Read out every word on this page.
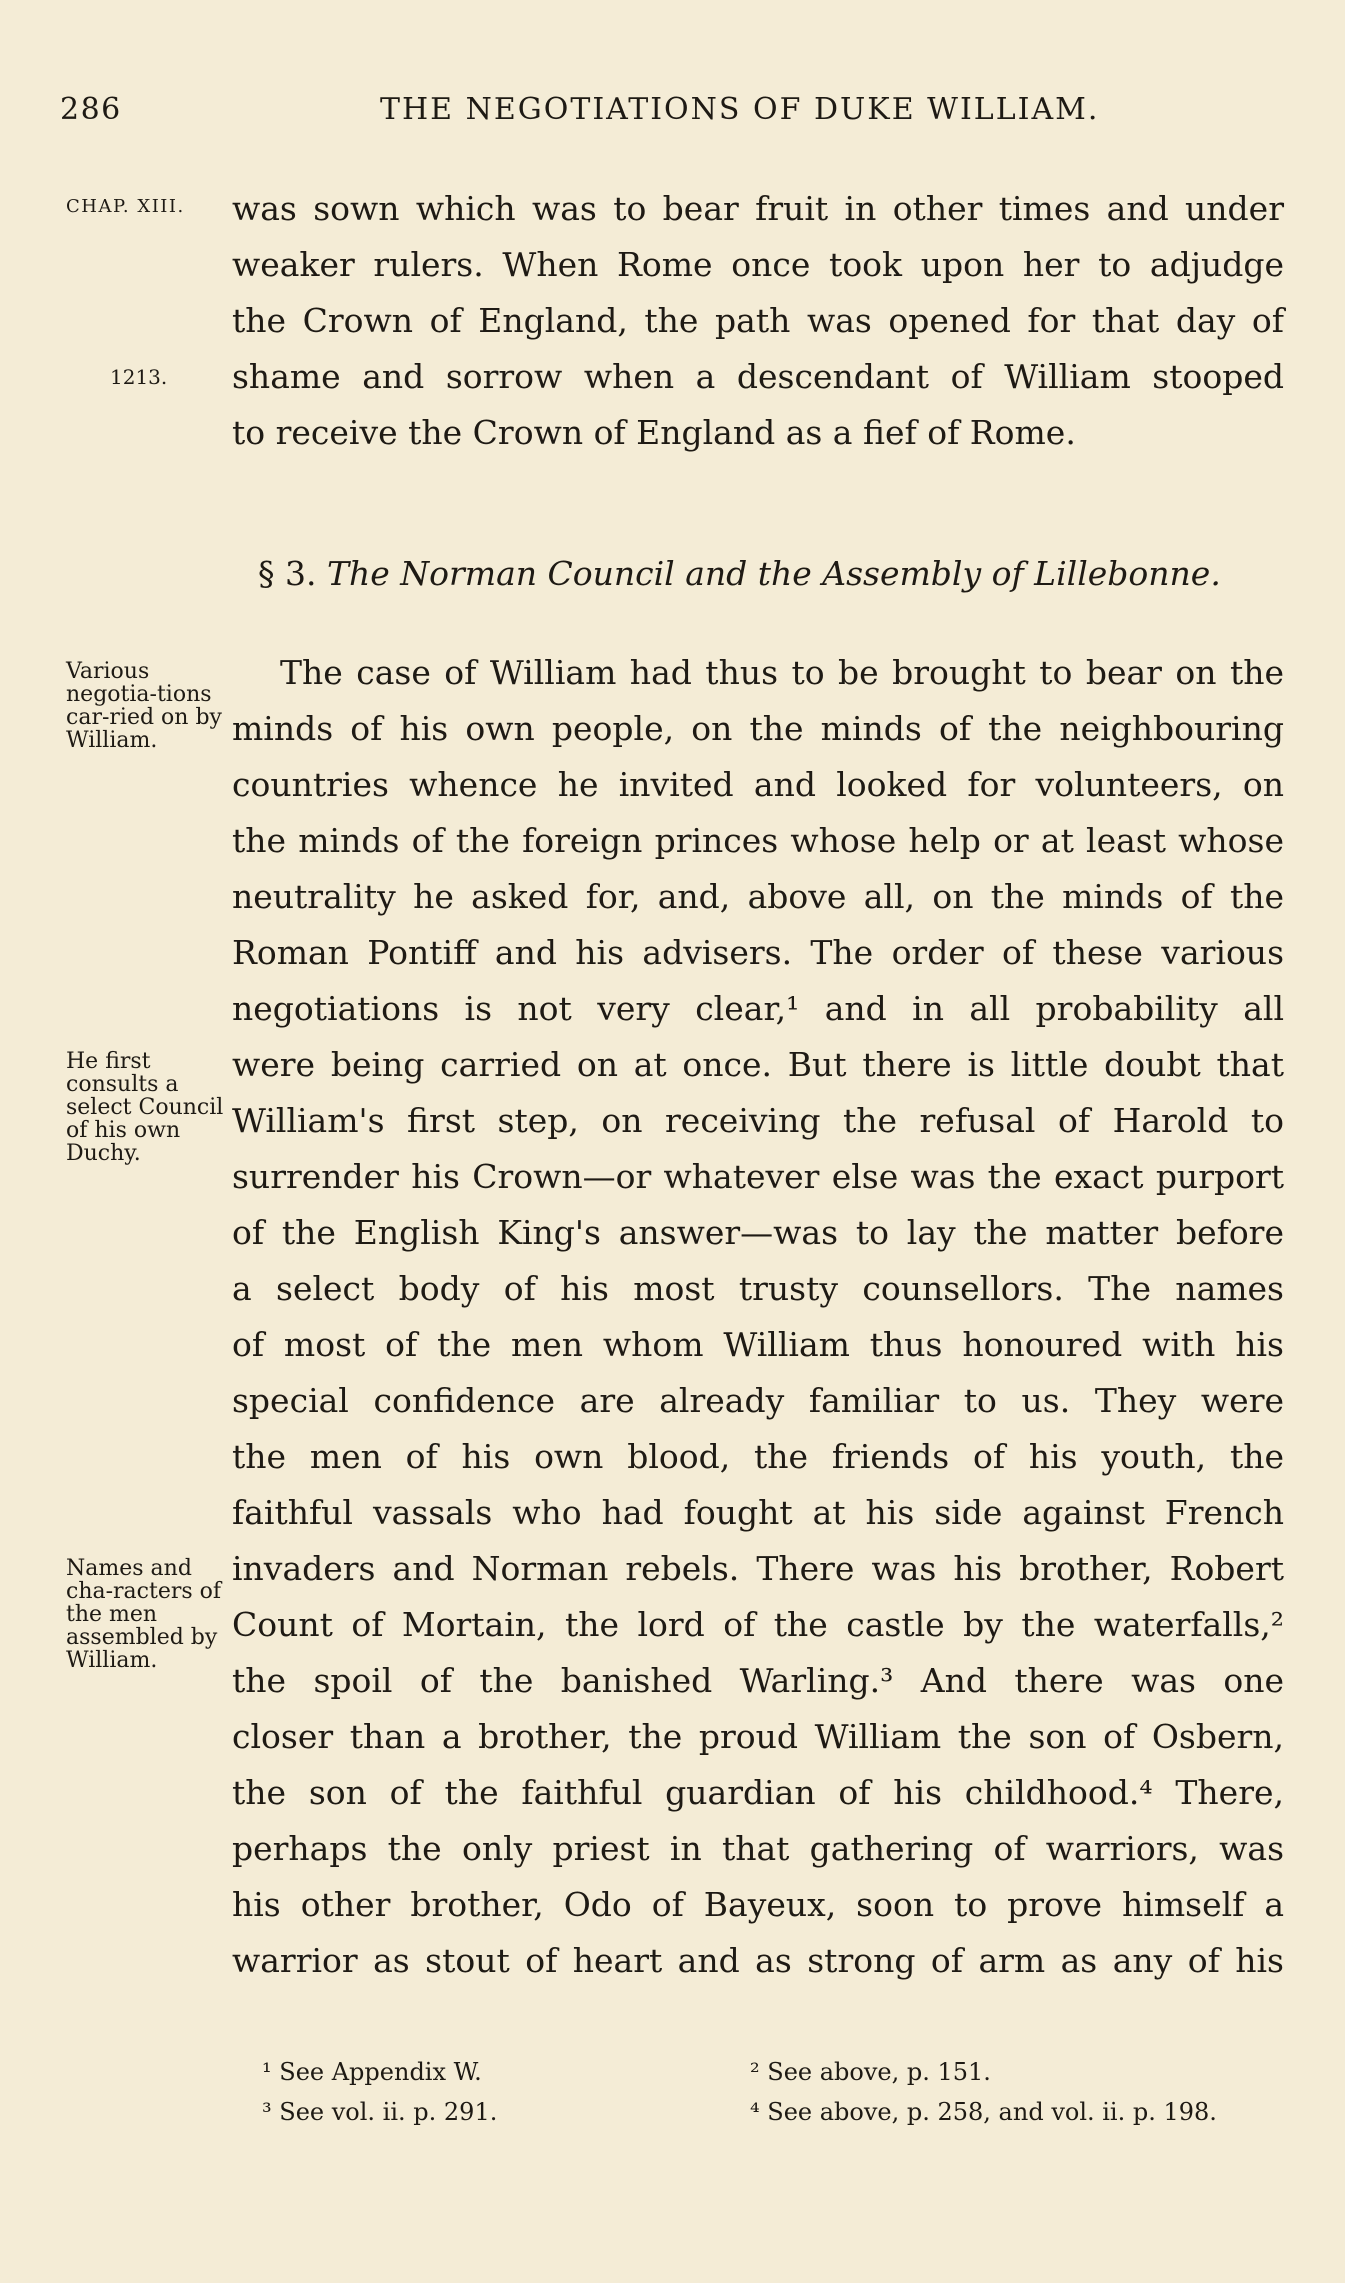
286	THE NEGOTIATIONS OF DUKE WILLIAM.
CHAP. XIII.
1213.
was sown which was to bear fruit in other times and under
weaker rulers. When Rome once took upon her to adjudge
the Crown of England, the path was opened for that day of
shame and sorrow when a descendant of William stooped
to receive the Crown of England as a fief of Rome.
§ 3. The Norman Council and the Assembly of Lillebonne.
Various negotia-tions car-ried on by William.
He first consults a select Council of his own Duchy.
Names and cha-racters of the men assembled by William.
The case of William had thus to be brought to bear on the
minds of his own people, on the minds of the neighbouring
countries whence he invited and looked for volunteers, on
the minds of the foreign princes whose help or at least whose
neutrality he asked for, and, above all, on the minds of the
Roman Pontiff and his advisers. The order of these various
negotiations is not very clear,¹ and in all probability all
were being carried on at once. But there is little doubt that
William's first step, on receiving the refusal of Harold to
surrender his Crown—or whatever else was the exact purport
of the English King's answer—was to lay the matter before
a select body of his most trusty counsellors. The names
of most of the men whom William thus honoured with his
special confidence are already familiar to us. They were
the men of his own blood, the friends of his youth, the
faithful vassals who had fought at his side against French
invaders and Norman rebels. There was his brother, Robert
Count of Mortain, the lord of the castle by the waterfalls,²
the spoil of the banished Warling.³ And there was one
closer than a brother, the proud William the son of Osbern,
the son of the faithful guardian of his childhood.⁴ There,
perhaps the only priest in that gathering of warriors, was
his other brother, Odo of Bayeux, soon to prove himself a
warrior as stout of heart and as strong of arm as any of his
¹ See Appendix W.	² See above, p. 151.
³ See vol. ii. p. 291.	⁴ See above, p. 258, and vol. ii. p. 198.
